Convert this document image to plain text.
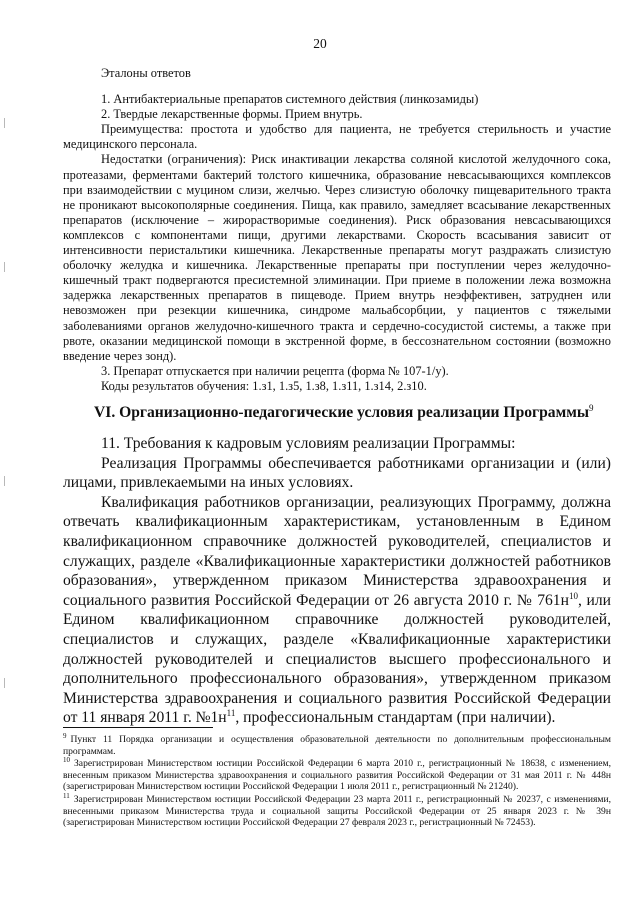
20

Эталоны ответов

1. Антибактериальные препаратов системного действия (линкозамиды)

2. Твердые лекарственные формы. Прием внутрь.

Преимущества: простота и удобство для пациента, не требуется стерильность и участие медицинского персонала.

Недостатки (ограничения): Риск инактивации лекарства соляной кислотой желудочного сока, протеазами, ферментами бактерий толстого кишечника, образование невсасывающихся комплексов при взаимодействии с муцином слизи, желчью. Через слизистую оболочку пищеварительного тракта не проникают высокополярные соединения. Пища, как правило, замедляет всасывание лекарственных препаратов (исключение – жирорастворимые соединения). Риск образования невсасывающихся комплексов с компонентами пищи, другими лекарствами. Скорость всасывания зависит от интенсивности перистальтики кишечника. Лекарственные препараты могут раздражать слизистую оболочку желудка и кишечника. Лекарственные препараты при поступлении через желудочно-кишечный тракт подвергаются пресистемной элиминации. При приеме в положении лежа возможна задержка лекарственных препаратов в пищеводе. Прием внутрь неэффективен, затруднен или невозможен при резекции кишечника, синдроме мальабсорбции, у пациентов с тяжелыми заболеваниями органов желудочно-кишечного тракта и сердечно-сосудистой системы, а также при рвоте, оказании медицинской помощи в экстренной форме, в бессознательном состоянии (возможно введение через зонд).

3. Препарат отпускается при наличии рецепта (форма № 107-1/у).

Коды результатов обучения: 1.з1, 1.з5, 1.з8, 1.з11, 1.з14, 2.з10.

VI. Организационно-педагогические условия реализации Программы$^9$

11. Требования к кадровым условиям реализации Программы:

Реализация Программы обеспечивается работниками организации и (или) лицами, привлекаемыми на иных условиях.

Квалификация работников организации, реализующих Программу, должна отвечать квалификационным характеристикам, установленным в Едином квалификационном справочнике должностей руководителей, специалистов и служащих, разделе «Квалификационные характеристики должностей работников образования», утвержденном приказом Министерства здравоохранения и социального развития Российской Федерации от 26 августа 2010 г. № $761н^{10}$, или Едином квалификационном справочнике должностей руководителей, специалистов и служащих, разделе «Квалификационные характеристики должностей руководителей и специалистов высшего профессионального и дополнительного профессионального образования», утвержденном приказом Министерства здравоохранения и социального развития Российской Федерации от 11 января 2011 г. $№1н^{11}$, профессиональным стандартам (при наличии).

$^9$ Пункт 11 Порядка организации и осуществления образовательной деятельности по дополнительным профессиональным программам.

$^{10}$ Зарегистрирован Министерством юстиции Российской Федерации 6 марта 2010 г., регистрационный № 18638, с изменением, внесенным приказом Министерства здравоохранения и социального развития Российской Федерации от 31 мая 2011 г. № 448н (зарегистрирован Министерством юстиции Российской Федерации 1 июля 2011 г., регистрационный № 21240).

$^{11}$ Зарегистрирован Министерством юстиции Российской Федерации 23 марта 2011 г., регистрационный № 20237, с изменениями, внесенными приказом Министерства труда и социальной защиты Российской Федерации от 25 января 2023 г. № 39н (зарегистрирован Министерством юстиции Российской Федерации 27 февраля 2023 г., регистрационный № 72453).
